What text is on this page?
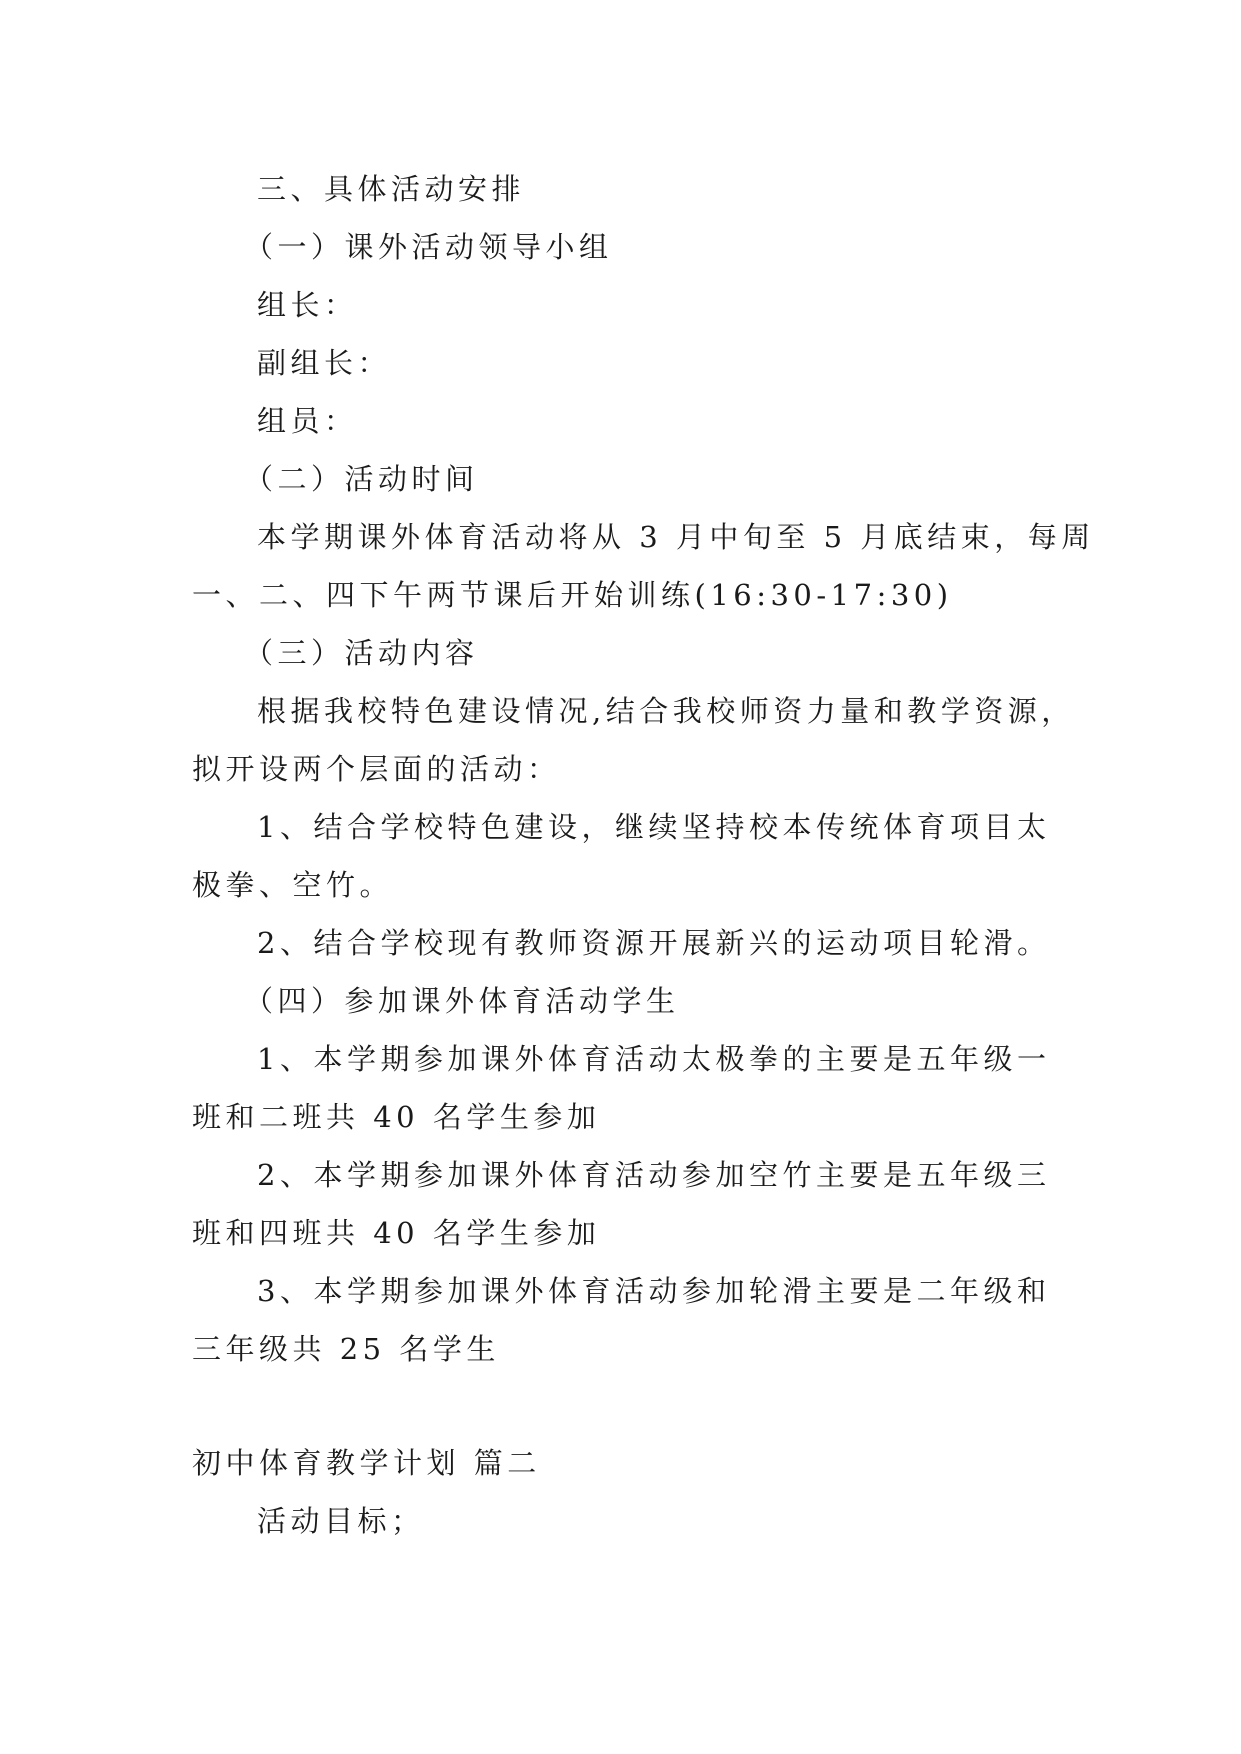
三、具体活动安排
（一）课外活动领导小组
组长：
副组长：
组员：
（二）活动时间
本学期课外体育活动将从 3 月中旬至 5 月底结束，每周
一、二、四下午两节课后开始训练(16:30-17:30)
（三）活动内容
根据我校特色建设情况,结合我校师资力量和教学资源，
拟开设两个层面的活动：
1、结合学校特色建设，继续坚持校本传统体育项目太
极拳、空竹。
2、结合学校现有教师资源开展新兴的运动项目轮滑。
（四）参加课外体育活动学生
1、本学期参加课外体育活动太极拳的主要是五年级一
班和二班共 40 名学生参加
2、本学期参加课外体育活动参加空竹主要是五年级三
班和四班共 40 名学生参加
3、本学期参加课外体育活动参加轮滑主要是二年级和
三年级共 25 名学生
初中体育教学计划 篇二
活动目标；
